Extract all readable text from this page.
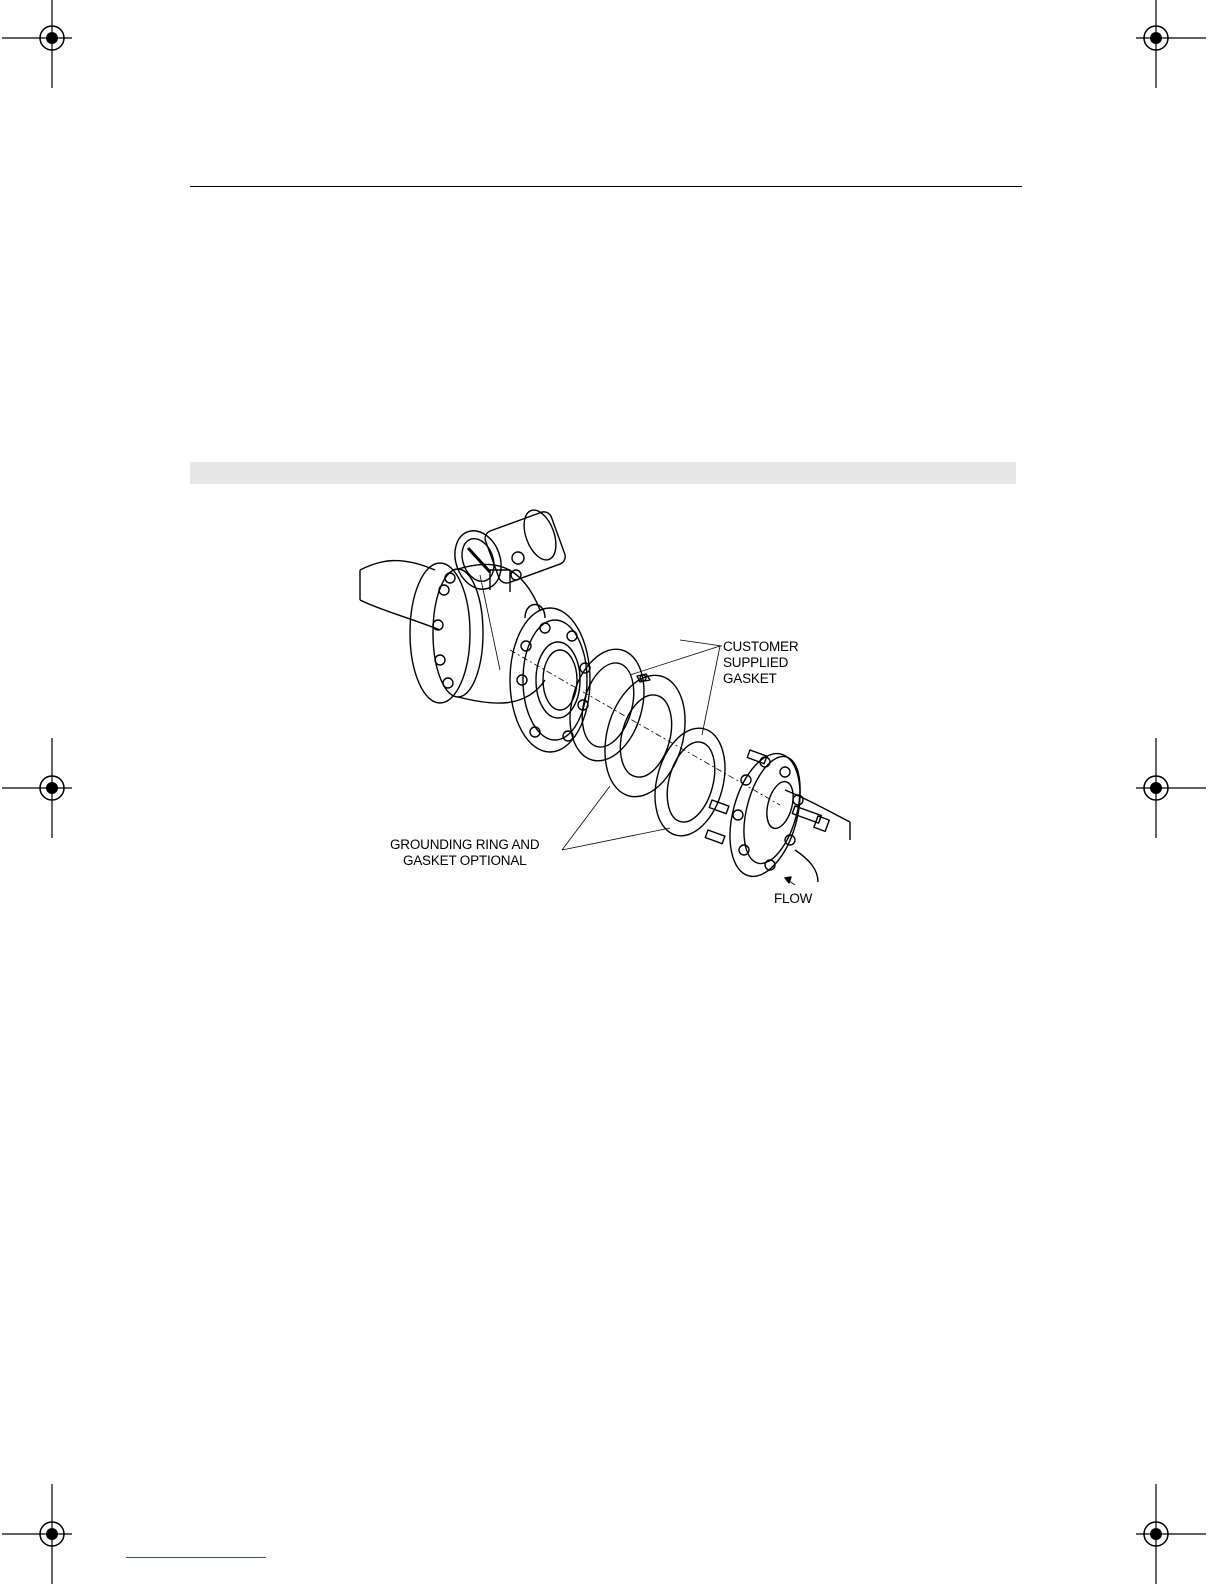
CUSTOMER
SUPPLIED
GASKET
GROUNDING RING AND
GASKET OPTIONAL
FLOW
